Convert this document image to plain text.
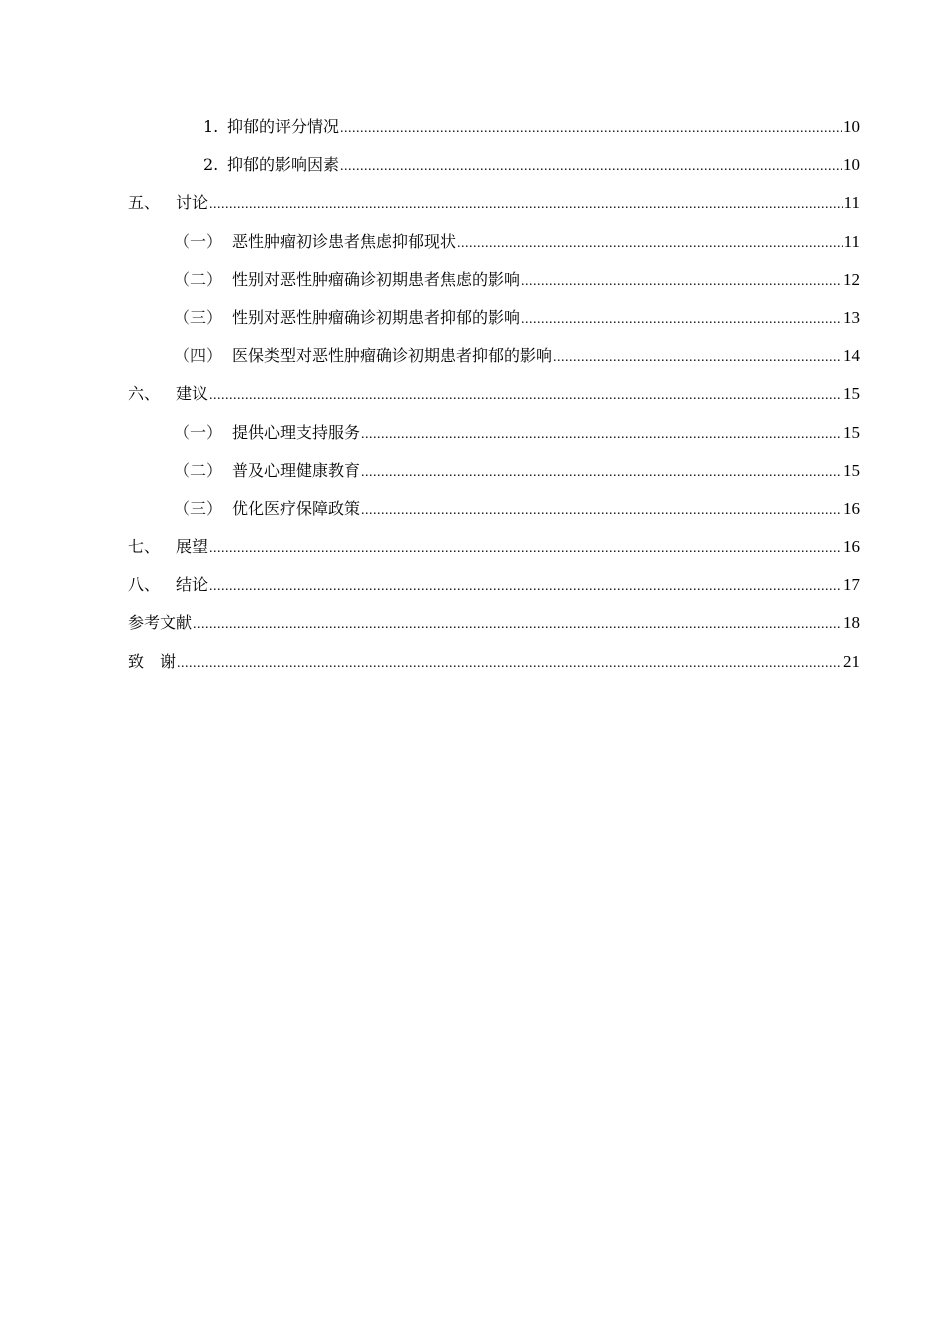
1. 抑郁的评分情况 .....	10
2. 抑郁的影响因素 .....	10
五、 讨论 .....	11
（一） 恶性肿瘤初诊患者焦虑抑郁现状 .....	11
（二） 性别对恶性肿瘤确诊初期患者焦虑的影响 .....	12
（三） 性别对恶性肿瘤确诊初期患者抑郁的影响 .....	13
（四） 医保类型对恶性肿瘤确诊初期患者抑郁的影响 .....	14
六、 建议 .....	15
（一） 提供心理支持服务 .....	15
（二） 普及心理健康教育 .....	15
（三） 优化医疗保障政策 .....	16
七、 展望 .....	16
八、 结论 .....	17
参考文献 .....	18
致　谢 .....	21
